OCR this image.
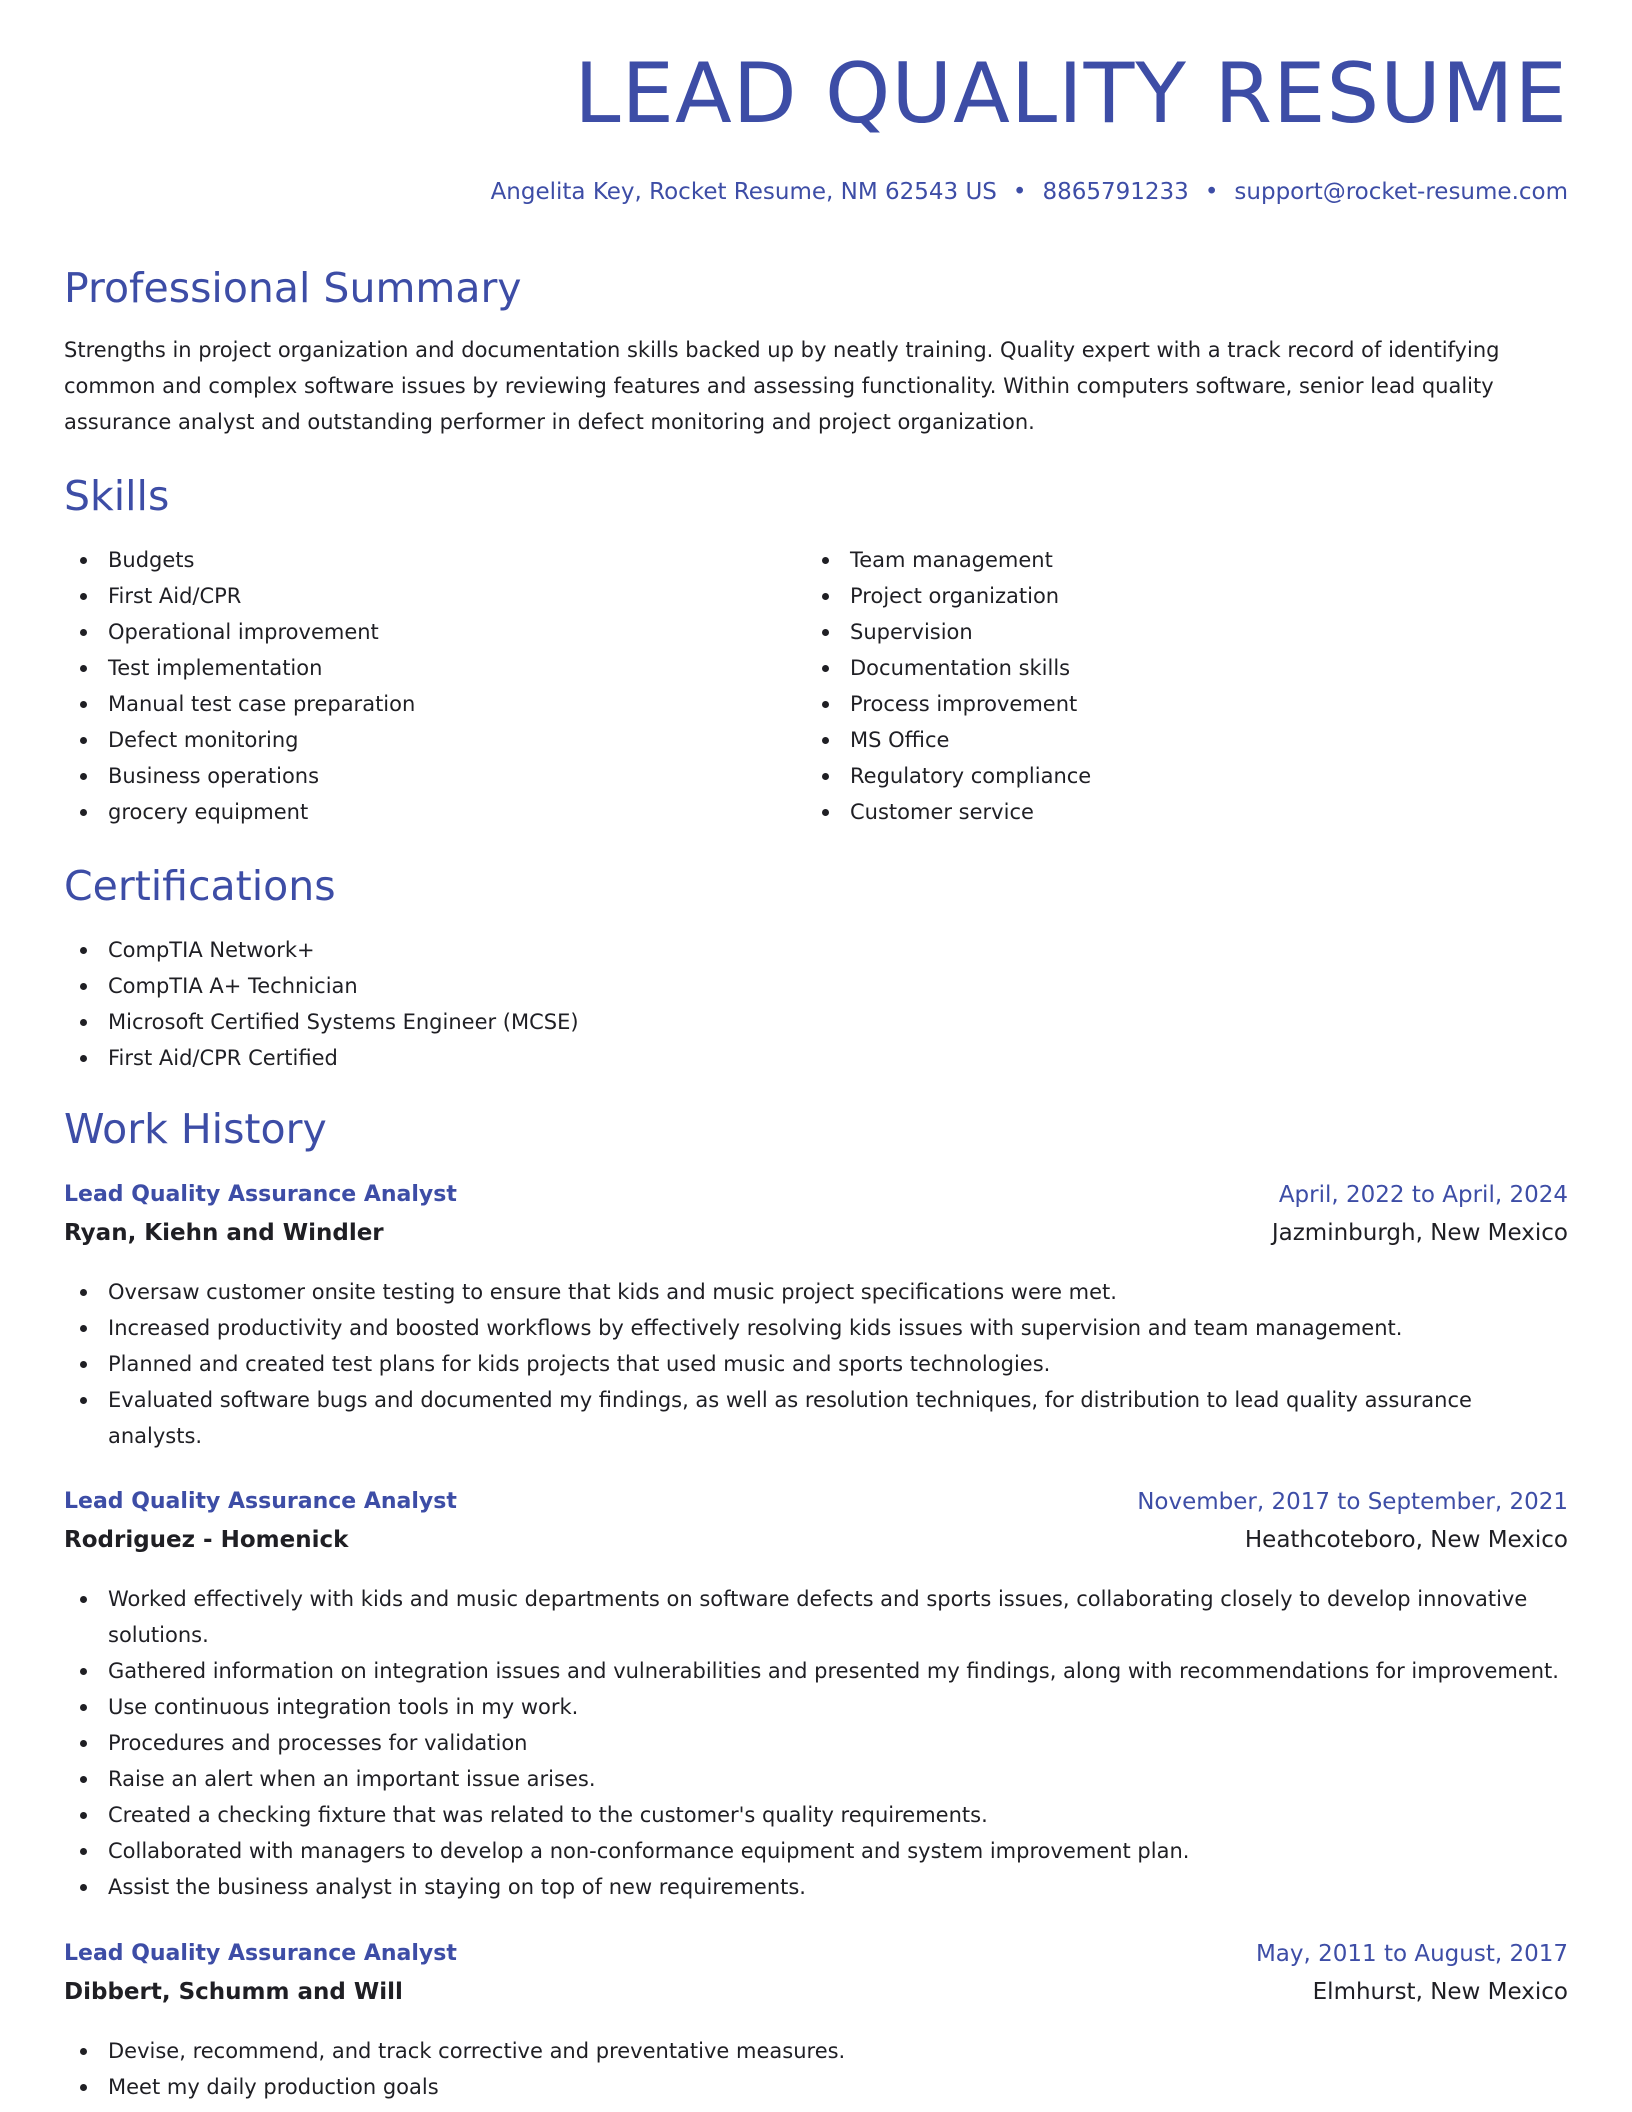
LEAD QUALITY RESUME
Angelita Key, Rocket Resume, NM 62543 US • 8865791233 • support@rocket-resume.com
Professional Summary

Strengths in project organization and documentation skills backed up by neatly training. Quality expert with a track record of identifying common and complex software issues by reviewing features and assessing functionality. Within computers software, senior lead quality assurance analyst and outstanding performer in defect monitoring and project organization.

Skills
Budgets
First Aid/CPR
Operational improvement
Test implementation
Manual test case preparation
Defect monitoring
Business operations
grocery equipment
Team management
Project organization
Supervision
Documentation skills
Process improvement
MS Office
Regulatory compliance
Customer service
Certifications
CompTIA Network+
CompTIA A+ Technician
Microsoft Certified Systems Engineer (MCSE)
First Aid/CPR Certified
Work History
Lead Quality Assurance Analyst	April, 2022 to April, 2024
Ryan, Kiehn and Windler	Jazminburgh, New Mexico
Oversaw customer onsite testing to ensure that kids and music project specifications were met.
Increased productivity and boosted workflows by effectively resolving kids issues with supervision and team management.
Planned and created test plans for kids projects that used music and sports technologies.
Evaluated software bugs and documented my findings, as well as resolution techniques, for distribution to lead quality assurance analysts.
Lead Quality Assurance Analyst	November, 2017 to September, 2021
Rodriguez - Homenick	Heathcoteboro, New Mexico
Worked effectively with kids and music departments on software defects and sports issues, collaborating closely to develop innovative solutions.
Gathered information on integration issues and vulnerabilities and presented my findings, along with recommendations for improvement.
Use continuous integration tools in my work.
Procedures and processes for validation
Raise an alert when an important issue arises.
Created a checking fixture that was related to the customer's quality requirements.
Collaborated with managers to develop a non-conformance equipment and system improvement plan.
Assist the business analyst in staying on top of new requirements.
Lead Quality Assurance Analyst	May, 2011 to August, 2017
Dibbert, Schumm and Will	Elmhurst, New Mexico
Devise, recommend, and track corrective and preventative measures.
Meet my daily production goals
